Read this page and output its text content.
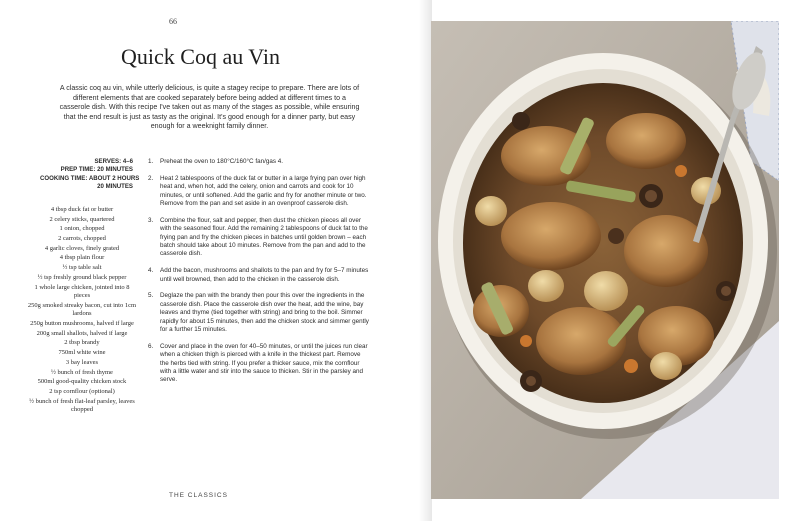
66
Quick Coq au Vin

A classic coq au vin, while utterly delicious, is quite a stagey recipe to prepare. There are lots of different elements that are cooked separately before being added at different times to a casserole dish. With this recipe I've taken out as many of the stages as possible, while ensuring that the end result is just as tasty as the original. It's good enough for a dinner party, but easy enough for a weeknight family dinner.

SERVES: 4–6
PREP TIME: 20 MINUTES
COOKING TIME: ABOUT 2 HOURS
20 MINUTES
4 tbsp duck fat or butter
2 celery sticks, quartered
1 onion, chopped
2 carrots, chopped
4 garlic cloves, finely grated
4 tbsp plain flour
½ tsp table salt
½ tsp freshly ground black pepper
1 whole large chicken, jointed into 8 pieces
250g smoked streaky bacon, cut into 1cm lardons
250g button mushrooms, halved if large
200g small shallots, halved if large
2 tbsp brandy
750ml white wine
3 bay leaves
½ bunch of fresh thyme
500ml good-quality chicken stock
2 tsp cornflour (optional)
½ bunch of fresh flat-leaf parsley, leaves chopped
1.	Preheat the oven to 180°C/160°C fan/gas 4.
2.	Heat 2 tablespoons of the duck fat or butter in a large frying pan over high heat and, when hot, add the celery, onion and carrots and cook for 10 minutes, or until softened. Add the garlic and fry for another minute or two. Remove from the pan and set aside in an ovenproof casserole dish.
3.	Combine the flour, salt and pepper, then dust the chicken pieces all over with the seasoned flour. Add the remaining 2 tablespoons of duck fat to the frying pan and fry the chicken pieces in batches until golden brown – each batch should take about 10 minutes. Remove from the pan and add to the casserole dish.
4.	Add the bacon, mushrooms and shallots to the pan and fry for 5–7 minutes until well browned, then add to the chicken in the casserole dish.
5.	Deglaze the pan with the brandy then pour this over the ingredients in the casserole dish. Place the casserole dish over the heat, add the wine, bay leaves and thyme (tied together with string) and bring to the boil. Simmer rapidly for about 15 minutes, then add the chicken stock and simmer gently for a further 15 minutes.
6.	Cover and place in the oven for 40–50 minutes, or until the juices run clear when a chicken thigh is pierced with a knife in the thickest part. Remove the herbs tied with string. If you prefer a thicker sauce, mix the cornflour with a little water and stir into the sauce to thicken. Stir in the parsley and serve.
THE CLASSICS
